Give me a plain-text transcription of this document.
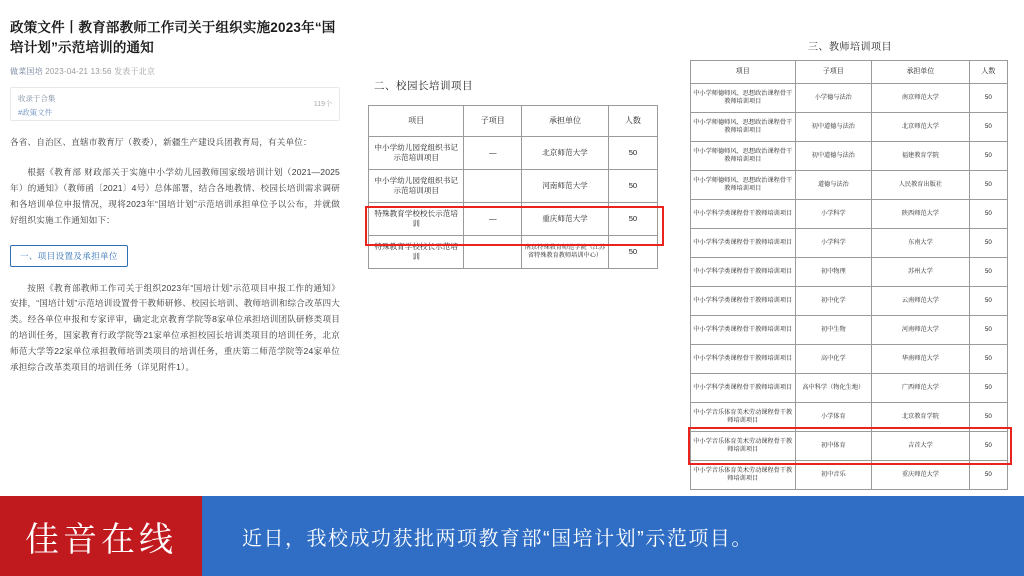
政策文件丨教育部教师工作司关于组织实施2023年“国培计划”示范培训的通知
做菜国培 2023-04-21 13:56 发表于北京
收录于合集
#政策文件
119个
各省、自治区、直辖市教育厅（教委），新疆生产建设兵团教育局，有关单位：
根据《教育部 财政部关于实施中小学幼儿园教师国家级培训计划（2021—2025年）的通知》（教师函〔2021〕4号）总体部署，结合各地教情、校园长培训需求调研和各培训单位申报情况，现将2023年“国培计划”示范培训承担单位予以公布，并就做好组织实施工作通知如下：
一、项目设置及承担单位
按照《教育部教师工作司关于组织2023年“国培计划”示范项目申报工作的通知》安排，“国培计划”示范培训设置骨干教师研修、校园长培训、教师培训和综合改革四大类。经各单位申报和专家评审，确定北京教育学院等8家单位承担培训团队研修类项目的培训任务，国家教育行政学院等21家单位承担校园长培训类项目的培训任务，北京师范大学等22家单位承担教师培训类项目的培训任务，重庆第二师范学院等24家单位承担综合改革类项目的培训任务（详见附件1）。
二、校园长培训项目
项目	子项目	承担单位	人数
中小学幼儿园党组织书记示范培训项目	—	北京师范大学	50
中小学幼儿园党组织书记示范培训项目		河南师范大学	50
特殊教育学校校长示范培训	—	重庆师范大学	50
特殊教育学校校长示范培训		南京特殊教育师范学院（江苏省特殊教育教师培训中心）	50
三、教师培训项目
项目	子项目	承担单位	人数
中小学师德师风、思想政治课程骨干教师培训项目	小学德与法治	南京师范大学	50
中小学师德师风、思想政治课程骨干教师培训项目	初中道德与法治	北京师范大学	50
中小学师德师风、思想政治课程骨干教师培训项目	初中道德与法治	福建教育学院	50
中小学师德师风、思想政治课程骨干教师培训项目	道德与法治	人民教育出版社	50
中小学科学类课程骨干教师培训项目	小学科学	陕西师范大学	50
中小学科学类课程骨干教师培训项目	小学科学	东南大学	50
中小学科学类课程骨干教师培训项目	初中物理	苏州大学	50
中小学科学类课程骨干教师培训项目	初中化学	云南师范大学	50
中小学科学类课程骨干教师培训项目	初中生物	河南师范大学	50
中小学科学类课程骨干教师培训项目	高中化学	华南师范大学	50
中小学科学类课程骨干教师培训项目	高中科学（物化生地）	广西师范大学	50
中小学音乐体育美术劳动课程骨干教师培训项目	小学体育	北京教育学院	50
中小学音乐体育美术劳动课程骨干教师培训项目	初中体育	吉首大学	50
中小学音乐体育美术劳动课程骨干教师培训项目	初中音乐	重庆师范大学	50
佳音在线	近日，我校成功获批两项教育部“国培计划”示范项目。
